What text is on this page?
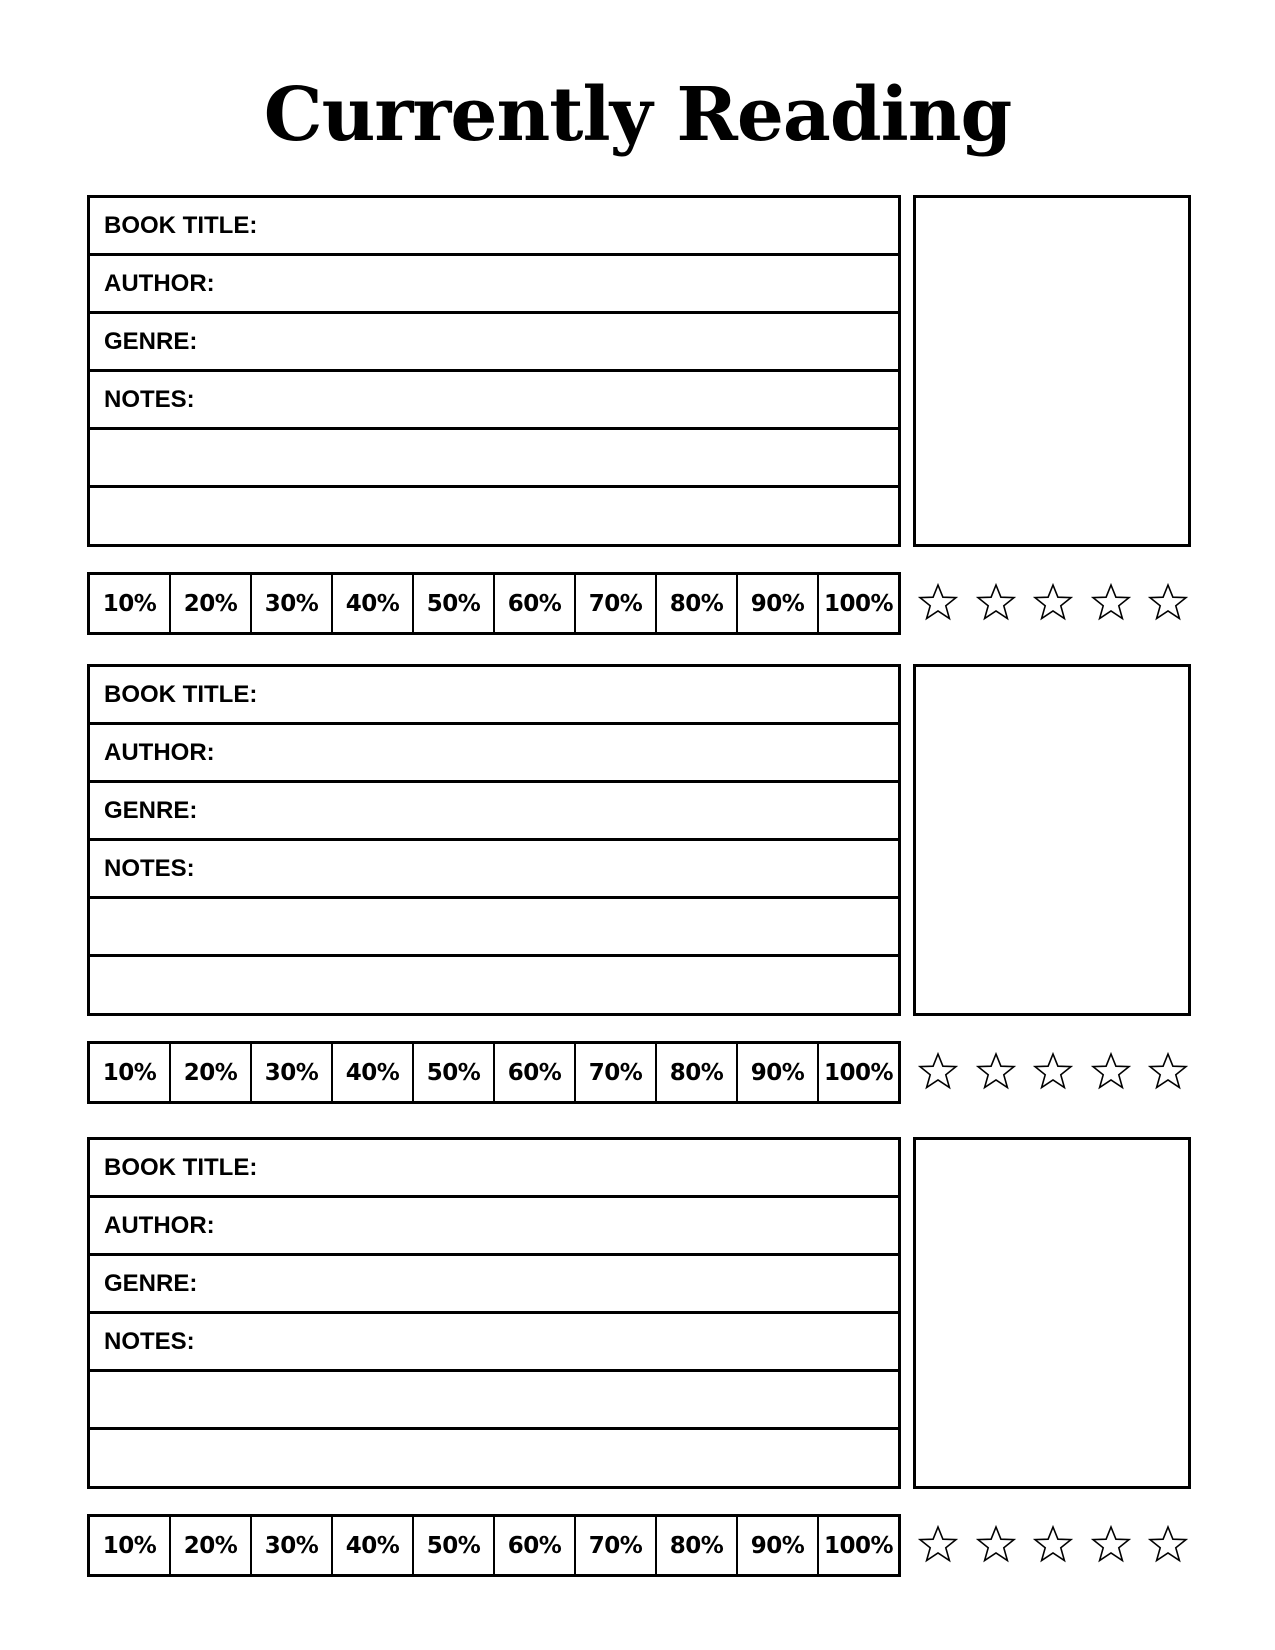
Currently Reading
BOOK TITLE:
AUTHOR:
GENRE:
NOTES:
10%	20%	30%	40%	50%	60%	70%	80%	90% 100%
BOOK TITLE:
AUTHOR:
GENRE:
NOTES:
10%	20%	30%	40%	50%	60%	70%	80%	90% 100%
BOOK TITLE:
AUTHOR:
GENRE:
NOTES:
10%	20%	30%	40%	50%	60%	70%	80%	90% 100%
